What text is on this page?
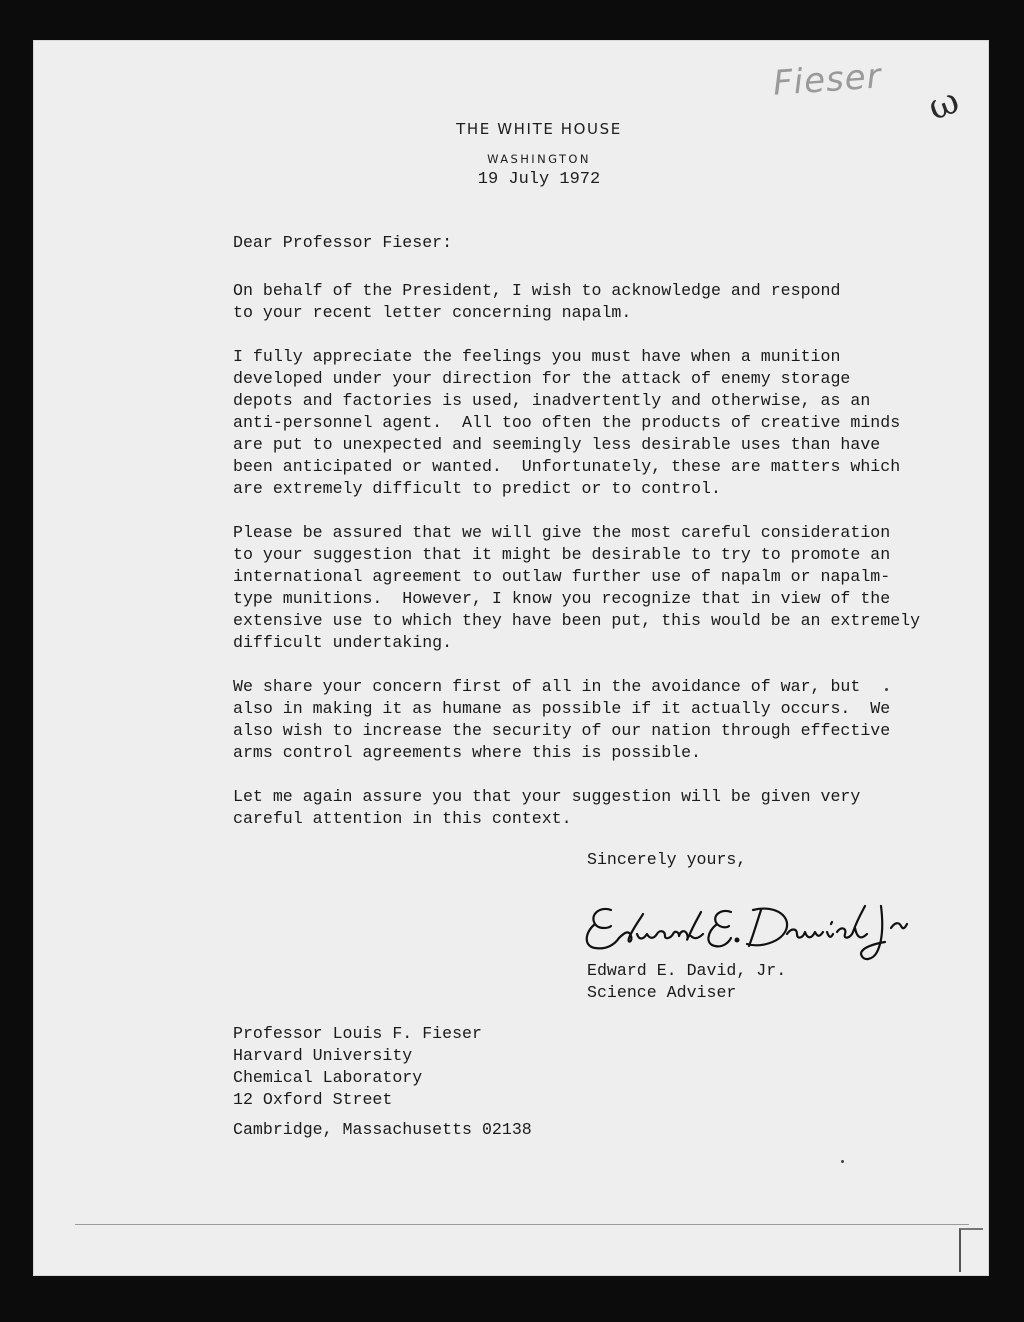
Fieser
ω
THE WHITE HOUSE
WASHINGTON
19 July 1972
Dear Professor Fieser:
On behalf of the President, I wish to acknowledge and respond
to your recent letter concerning napalm.
I fully appreciate the feelings you must have when a munition
developed under your direction for the attack of enemy storage
depots and factories is used, inadvertently and otherwise, as an
anti-personnel agent.  All too often the products of creative minds
are put to unexpected and seemingly less desirable uses than have
been anticipated or wanted.  Unfortunately, these are matters which
are extremely difficult to predict or to control.
Please be assured that we will give the most careful consideration
to your suggestion that it might be desirable to try to promote an
international agreement to outlaw further use of napalm or napalm-
type munitions.  However, I know you recognize that in view of the
extensive use to which they have been put, this would be an extremely
difficult undertaking.
We share your concern first of all in the avoidance of war, but
also in making it as humane as possible if it actually occurs.  We
also wish to increase the security of our nation through effective
arms control agreements where this is possible.
Let me again assure you that your suggestion will be given very
careful attention in this context.
Sincerely yours,
Edward E. David, Jr.
Science Adviser
Professor Louis F. Fieser
Harvard University
Chemical Laboratory
12 Oxford Street
Cambridge, Massachusetts 02138
